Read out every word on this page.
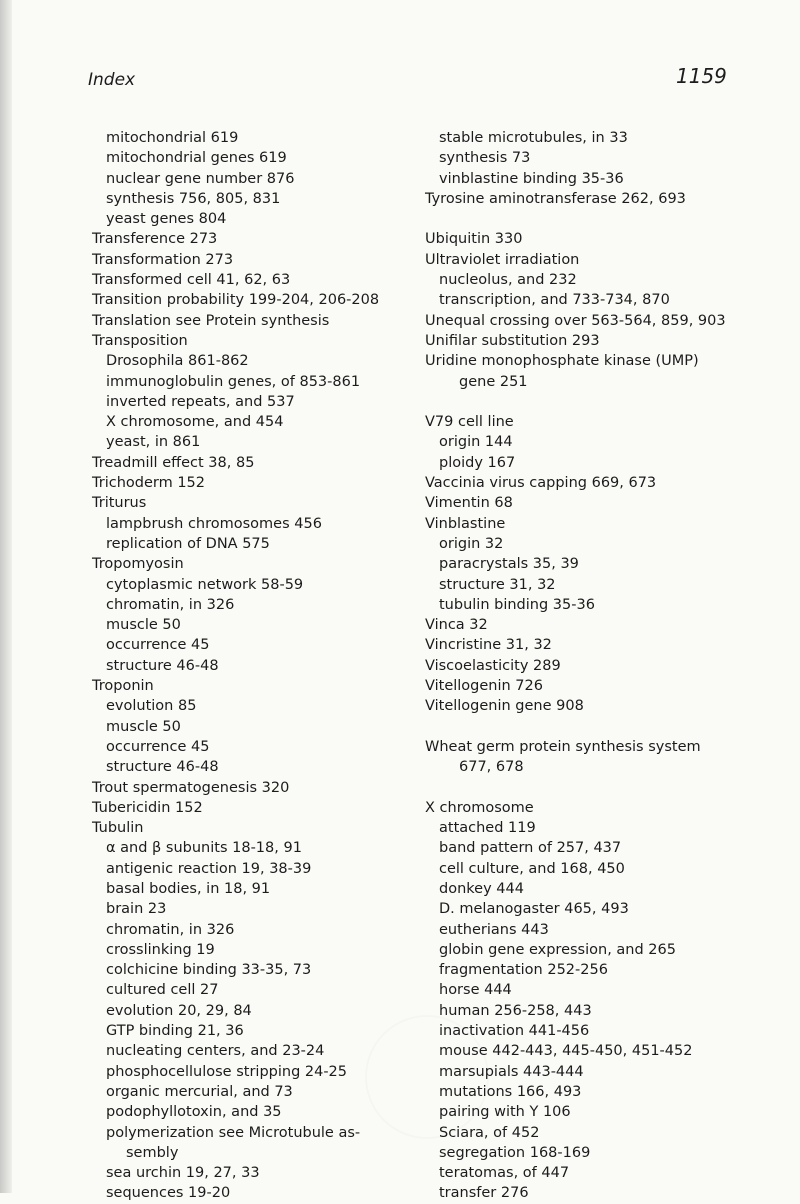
Index	1159
mitochondrial 619
mitochondrial genes 619
nuclear gene number 876
synthesis 756, 805, 831
yeast genes 804
Transference 273
Transformation 273
Transformed cell 41, 62, 63
Transition probability 199-204, 206-208
Translation see Protein synthesis
Transposition
Drosophila 861-862
immunoglobulin genes, of 853-861
inverted repeats, and 537
X chromosome, and 454
yeast, in 861
Treadmill effect 38, 85
Trichoderm 152
Triturus
lampbrush chromosomes 456
replication of DNA 575
Tropomyosin
cytoplasmic network 58-59
chromatin, in 326
muscle 50
occurrence 45
structure 46-48
Troponin
evolution 85
muscle 50
occurrence 45
structure 46-48
Trout spermatogenesis 320
Tubericidin 152
Tubulin
α and β subunits 18-18, 91
antigenic reaction 19, 38-39
basal bodies, in 18, 91
brain 23
chromatin, in 326
crosslinking 19
colchicine binding 33-35, 73
cultured cell 27
evolution 20, 29, 84
GTP binding 21, 36
nucleating centers, and 23-24
phosphocellulose stripping 24-25
organic mercurial, and 73
podophyllotoxin, and 35
polymerization see Microtubule as-
sembly
sea urchin 19, 27, 33
sequences 19-20
stable microtubules, in 33
synthesis 73
vinblastine binding 35-36
Tyrosine aminotransferase 262, 693
Ubiquitin 330
Ultraviolet irradiation
nucleolus, and 232
transcription, and 733-734, 870
Unequal crossing over 563-564, 859, 903
Unifilar substitution 293
Uridine monophosphate kinase (UMP)
gene 251
V79 cell line
origin 144
ploidy 167
Vaccinia virus capping 669, 673
Vimentin 68
Vinblastine
origin 32
paracrystals 35, 39
structure 31, 32
tubulin binding 35-36
Vinca 32
Vincristine 31, 32
Viscoelasticity 289
Vitellogenin 726
Vitellogenin gene 908
Wheat germ protein synthesis system
677, 678
X chromosome
attached 119
band pattern of 257, 437
cell culture, and 168, 450
donkey 444
D. melanogaster 465, 493
eutherians 443
globin gene expression, and 265
fragmentation 252-256
horse 444
human 256-258, 443
inactivation 441-456
mouse 442-443, 445-450, 451-452
marsupials 443-444
mutations 166, 493
pairing with Y 106
Sciara, of 452
segregation 168-169
teratomas, of 447
transfer 276
